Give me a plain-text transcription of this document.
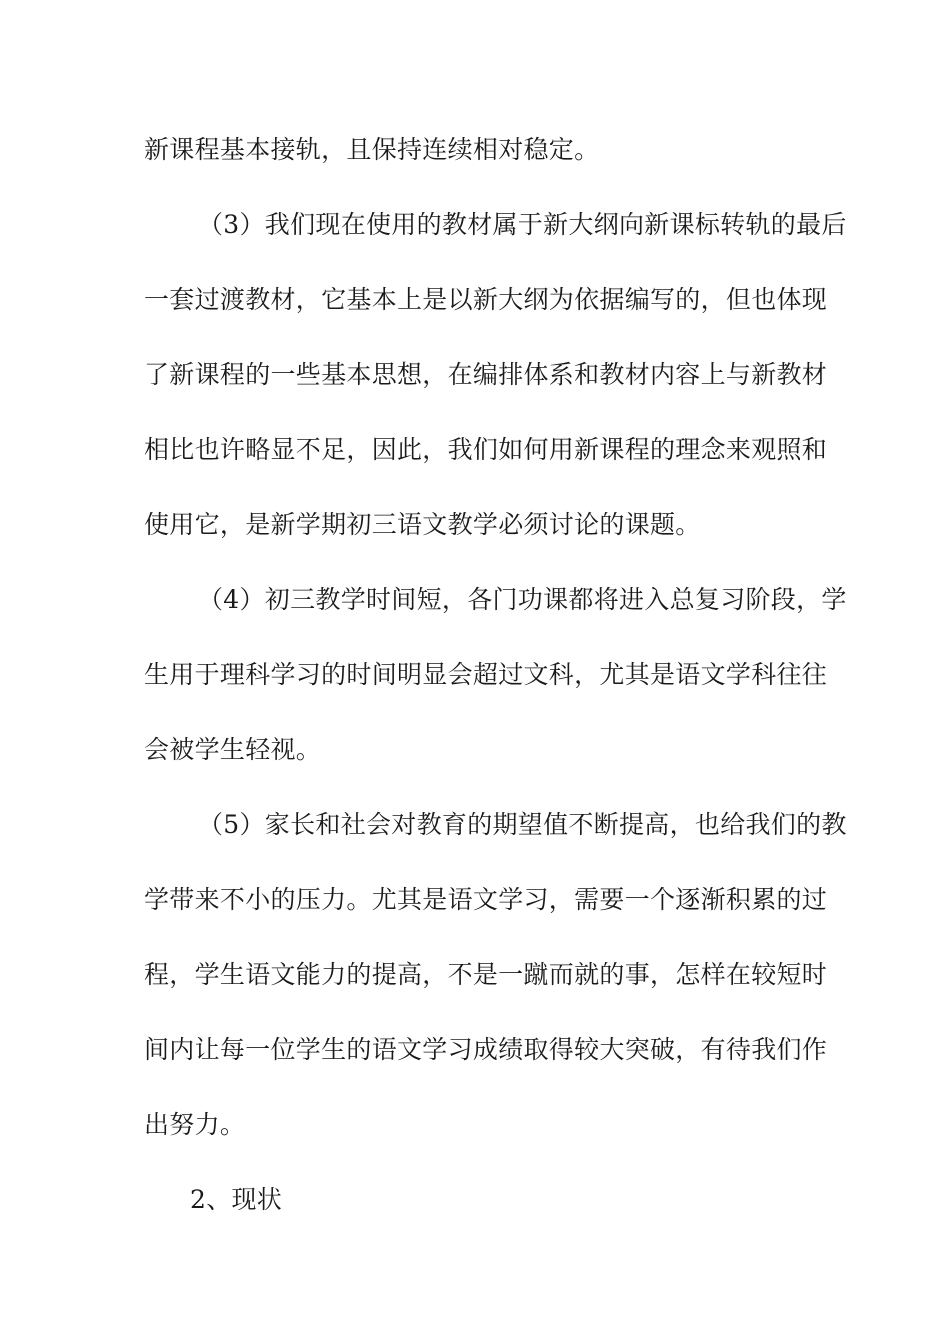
新课程基本接轨，且保持连续相对稳定。
（3）我们现在使用的教材属于新大纲向新课标转轨的最后
一套过渡教材，它基本上是以新大纲为依据编写的，但也体现
了新课程的一些基本思想，在编排体系和教材内容上与新教材
相比也许略显不足，因此，我们如何用新课程的理念来观照和
使用它，是新学期初三语文教学必须讨论的课题。
（4）初三教学时间短，各门功课都将进入总复习阶段，学
生用于理科学习的时间明显会超过文科，尤其是语文学科往往
会被学生轻视。
（5）家长和社会对教育的期望值不断提高，也给我们的教
学带来不小的压力。尤其是语文学习，需要一个逐渐积累的过
程，学生语文能力的提高，不是一蹴而就的事，怎样在较短时
间内让每一位学生的语文学习成绩取得较大突破，有待我们作
出努力。
2、现状
